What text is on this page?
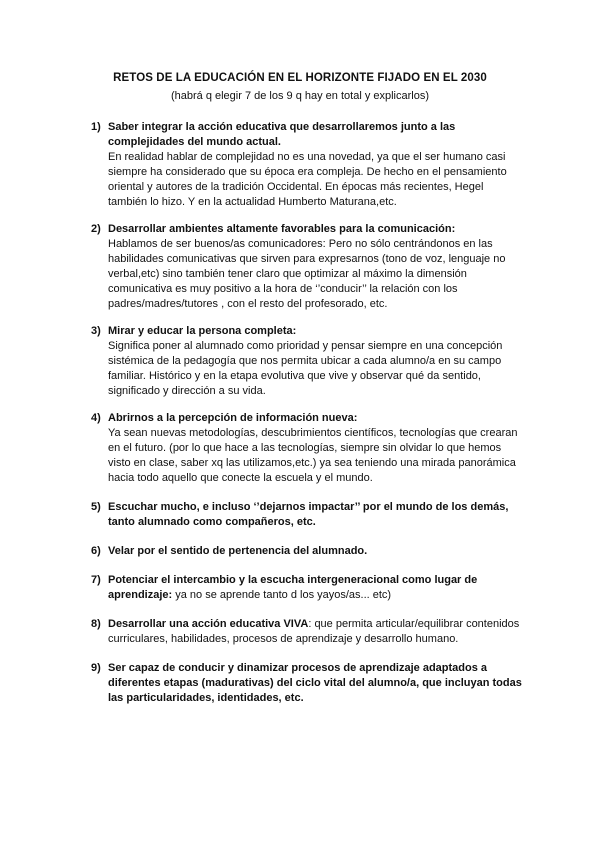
RETOS DE LA EDUCACIÓN EN EL HORIZONTE FIJADO EN EL 2030
(habrá q elegir 7 de los 9 q hay en total y explicarlos)
1) Saber integrar la acción educativa que desarrollaremos junto a las
complejidades del mundo actual.
En realidad hablar de complejidad no es una novedad, ya que el ser humano casi
siempre ha considerado que su época era compleja. De hecho en el pensamiento
oriental y autores de la tradición Occidental. En épocas más recientes, Hegel
también lo hizo. Y en la actualidad Humberto Maturana,etc.
2) Desarrollar ambientes altamente favorables para la comunicación:
Hablamos de ser buenos/as comunicadores: Pero no sólo centrándonos en las
habilidades comunicativas que sirven para expresarnos (tono de voz, lenguaje no
verbal,etc) sino también tener claro que optimizar al máximo la dimensión
comunicativa es muy positivo a la hora de ‘’conducir’’ la relación con los
padres/madres/tutores , con el resto del profesorado, etc.
3) Mirar y educar la persona completa:
Significa poner al alumnado como prioridad y pensar siempre en una concepción
sistémica de la pedagogía que nos permita ubicar a cada alumno/a en su campo
familiar. Histórico y en la etapa evolutiva que vive y observar qué da sentido,
significado y dirección a su vida.
4) Abrirnos a la percepción de información nueva:
Ya sean nuevas metodologías, descubrimientos científicos, tecnologías que crearan
en el futuro. (por lo que hace a las tecnologías, siempre sin olvidar lo que hemos
visto en clase, saber xq las utilizamos,etc.) ya sea teniendo una mirada panorámica
hacia todo aquello que conecte la escuela y el mundo.
5) Escuchar mucho, e incluso ‘’dejarnos impactar’’ por el mundo de los demás,
tanto alumnado como compañeros, etc.
6) Velar por el sentido de pertenencia del alumnado.
7) Potenciar el intercambio y la escucha intergeneracional como lugar de
aprendizaje: ya no se aprende tanto d los yayos/as... etc)
8) Desarrollar una acción educativa VIVA: que permita articular/equilibrar contenidos
curriculares, habilidades, procesos de aprendizaje y desarrollo humano.
9) Ser capaz de conducir y dinamizar procesos de aprendizaje adaptados a
diferentes etapas (madurativas) del ciclo vital del alumno/a, que incluyan todas
las particularidades, identidades, etc.
